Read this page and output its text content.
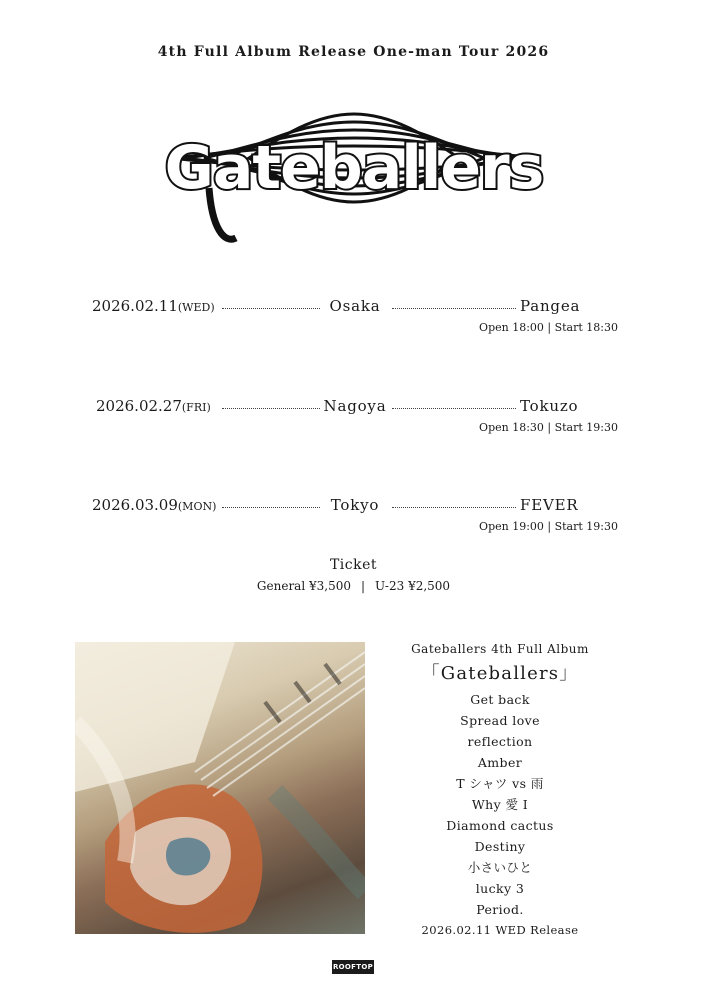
4th Full Album Release One-man Tour 2026
Gateballers
2026.02.11(WED)	Osaka	Pangea
Open 18:00 | Start 18:30
2026.02.27(FRI)	Nagoya	Tokuzo
Open 18:30 | Start 19:30
2026.03.09(MON)	Tokyo	FEVER
Open 19:00 | Start 19:30
Ticket
General ¥3,500 | U-23 ¥2,500
Gateballers 4th Full Album
「Gateballers」
Get back
Spread love
reflection
Amber
T シャツ vs 雨
Why 愛 I
Diamond cactus
Destiny
小さいひと
lucky 3
Period.
2026.02.11 WED Release
ROOFTOP
